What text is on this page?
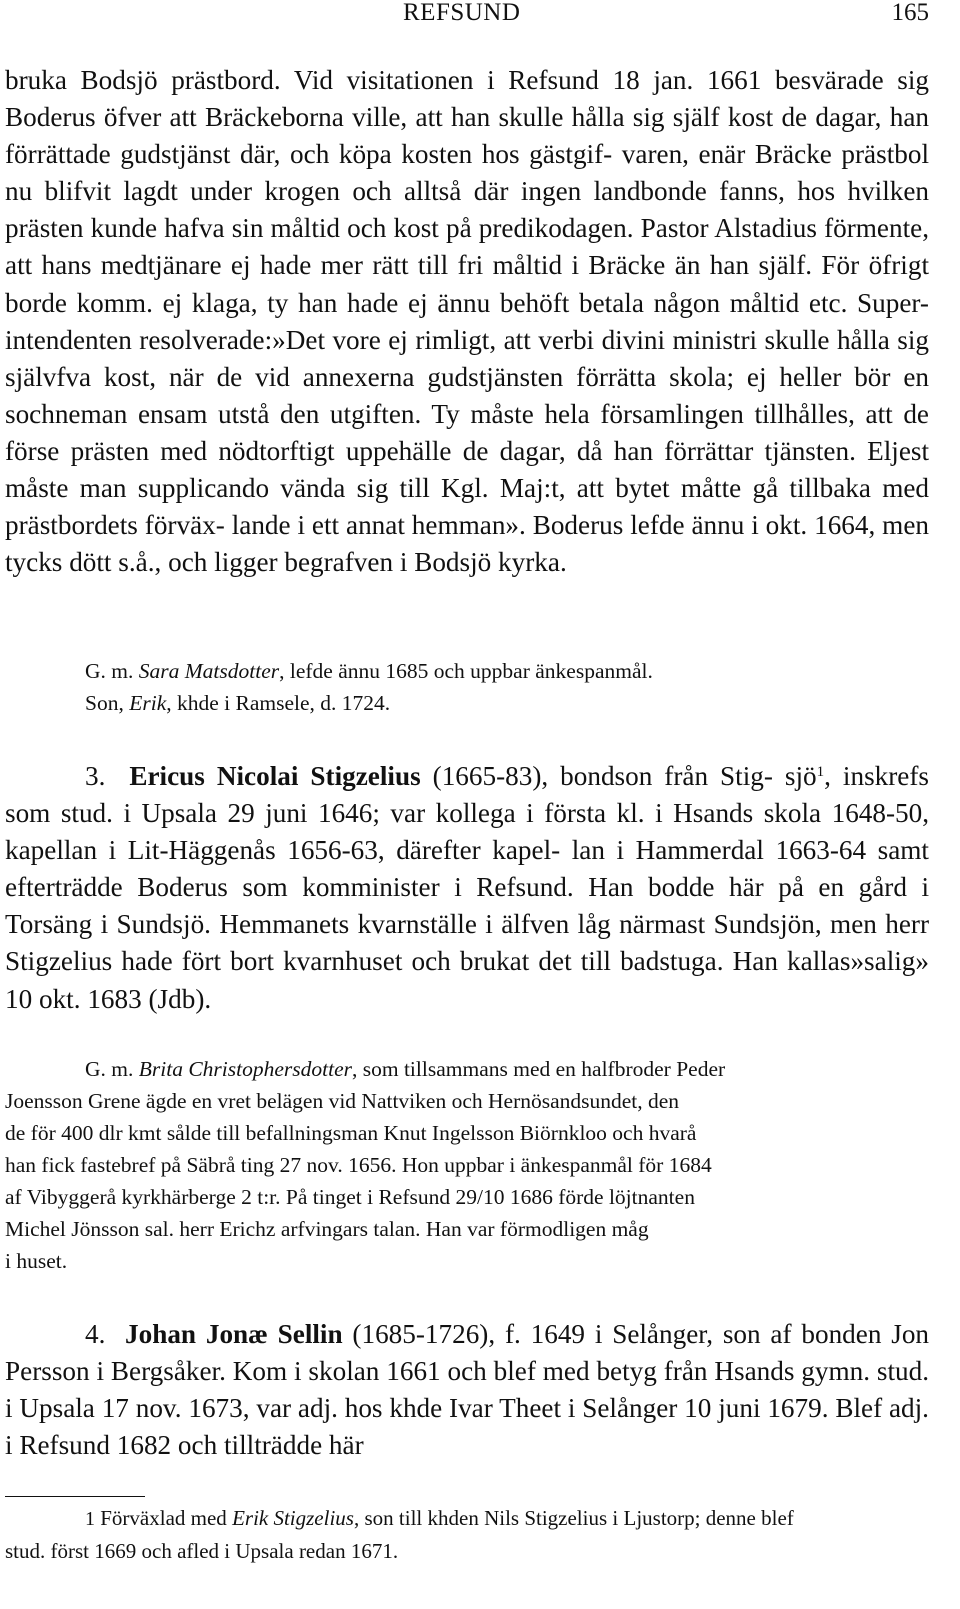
REFSUND	165

bruka Bodsjö prästbord. Vid visitationen i Refsund 18 jan. 1661 besvärade sig Boderus öfver att Bräckeborna ville, att han skulle hålla sig själf kost de dagar, han förrättade gudstjänst där, och köpa kosten hos gästgif- varen, enär Bräcke prästbol nu blifvit lagdt under krogen och alltså där ingen landbonde fanns, hos hvilken prästen kunde hafva sin måltid och kost på predikodagen. Pastor Alstadius förmente, att hans medtjänare ej hade mer rätt till fri måltid i Bräcke än han själf. För öfrigt borde komm. ej klaga, ty han hade ej ännu behöft betala någon måltid etc. Super- intendenten resolverade:»Det vore ej rimligt, att verbi divini ministri skulle hålla sig självfva kost, när de vid annexerna gudstjänsten förrätta skola; ej heller bör en sochneman ensam utstå den utgiften. Ty måste hela församlingen tillhålles, att de förse prästen med nödtorftigt uppehälle de dagar, då han förrättar tjänsten. Eljest måste man supplicando vända sig till Kgl. Maj:t, att bytet måtte gå tillbaka med prästbordets förväx- lande i ett annat hemman». Boderus lefde ännu i okt. 1664, men tycks dött s.å., och ligger begrafven i Bodsjö kyrka.

G. m. Sara Matsdotter, lefde ännu 1685 och uppbar änkespanmål.
Son, Erik, khde i Ramsele, d. 1724.

3. Ericus Nicolai Stigzelius (1665-83), bondson från Stig- sjö$^1$, inskrefs som stud. i Upsala 29 juni 1646; var kollega i första kl. i Hsands skola 1648-50, kapellan i Lit-Häggenås 1656-63, därefter kapel- lan i Hammerdal 1663-64 samt efterträdde Boderus som komminister i Refsund. Han bodde här på en gård i Torsäng i Sundsjö. Hemmanets kvarnställe i älfven låg närmast Sundsjön, men herr Stigzelius hade fört bort kvarnhuset och brukat det till badstuga. Han kallas»salig» 10 okt. 1683 (Jdb).

G. m. Brita Christophersdotter, som tillsammans med en halfbroder Peder
Joensson Grene ägde en vret belägen vid Nattviken och Hernösandsundet, den
de för 400 dlr kmt sålde till befallningsman Knut Ingelsson Biörnkloo och hvarå
han fick fastebref på Säbrå ting 27 nov. 1656. Hon uppbar i änkespanmål för 1684
af Vibyggerå kyrkhärberge 2 t:r. På tinget i Refsund 29/10 1686 förde löjtnanten
Michel Jönsson sal. herr Erichz arfvingars talan. Han var förmodligen måg
i huset.

4. Johan Jonæ Sellin (1685-1726), f. 1649 i Selånger, son af bonden Jon Persson i Bergsåker. Kom i skolan 1661 och blef med betyg från Hsands gymn. stud. i Upsala 17 nov. 1673, var adj. hos khde Ivar Theet i Selånger 10 juni 1679. Blef adj. i Refsund 1682 och tillträdde här

1 Förväxlad med Erik Stigzelius, son till khden Nils Stigzelius i Ljustorp; denne blef
stud. först 1669 och afled i Upsala redan 1671.
